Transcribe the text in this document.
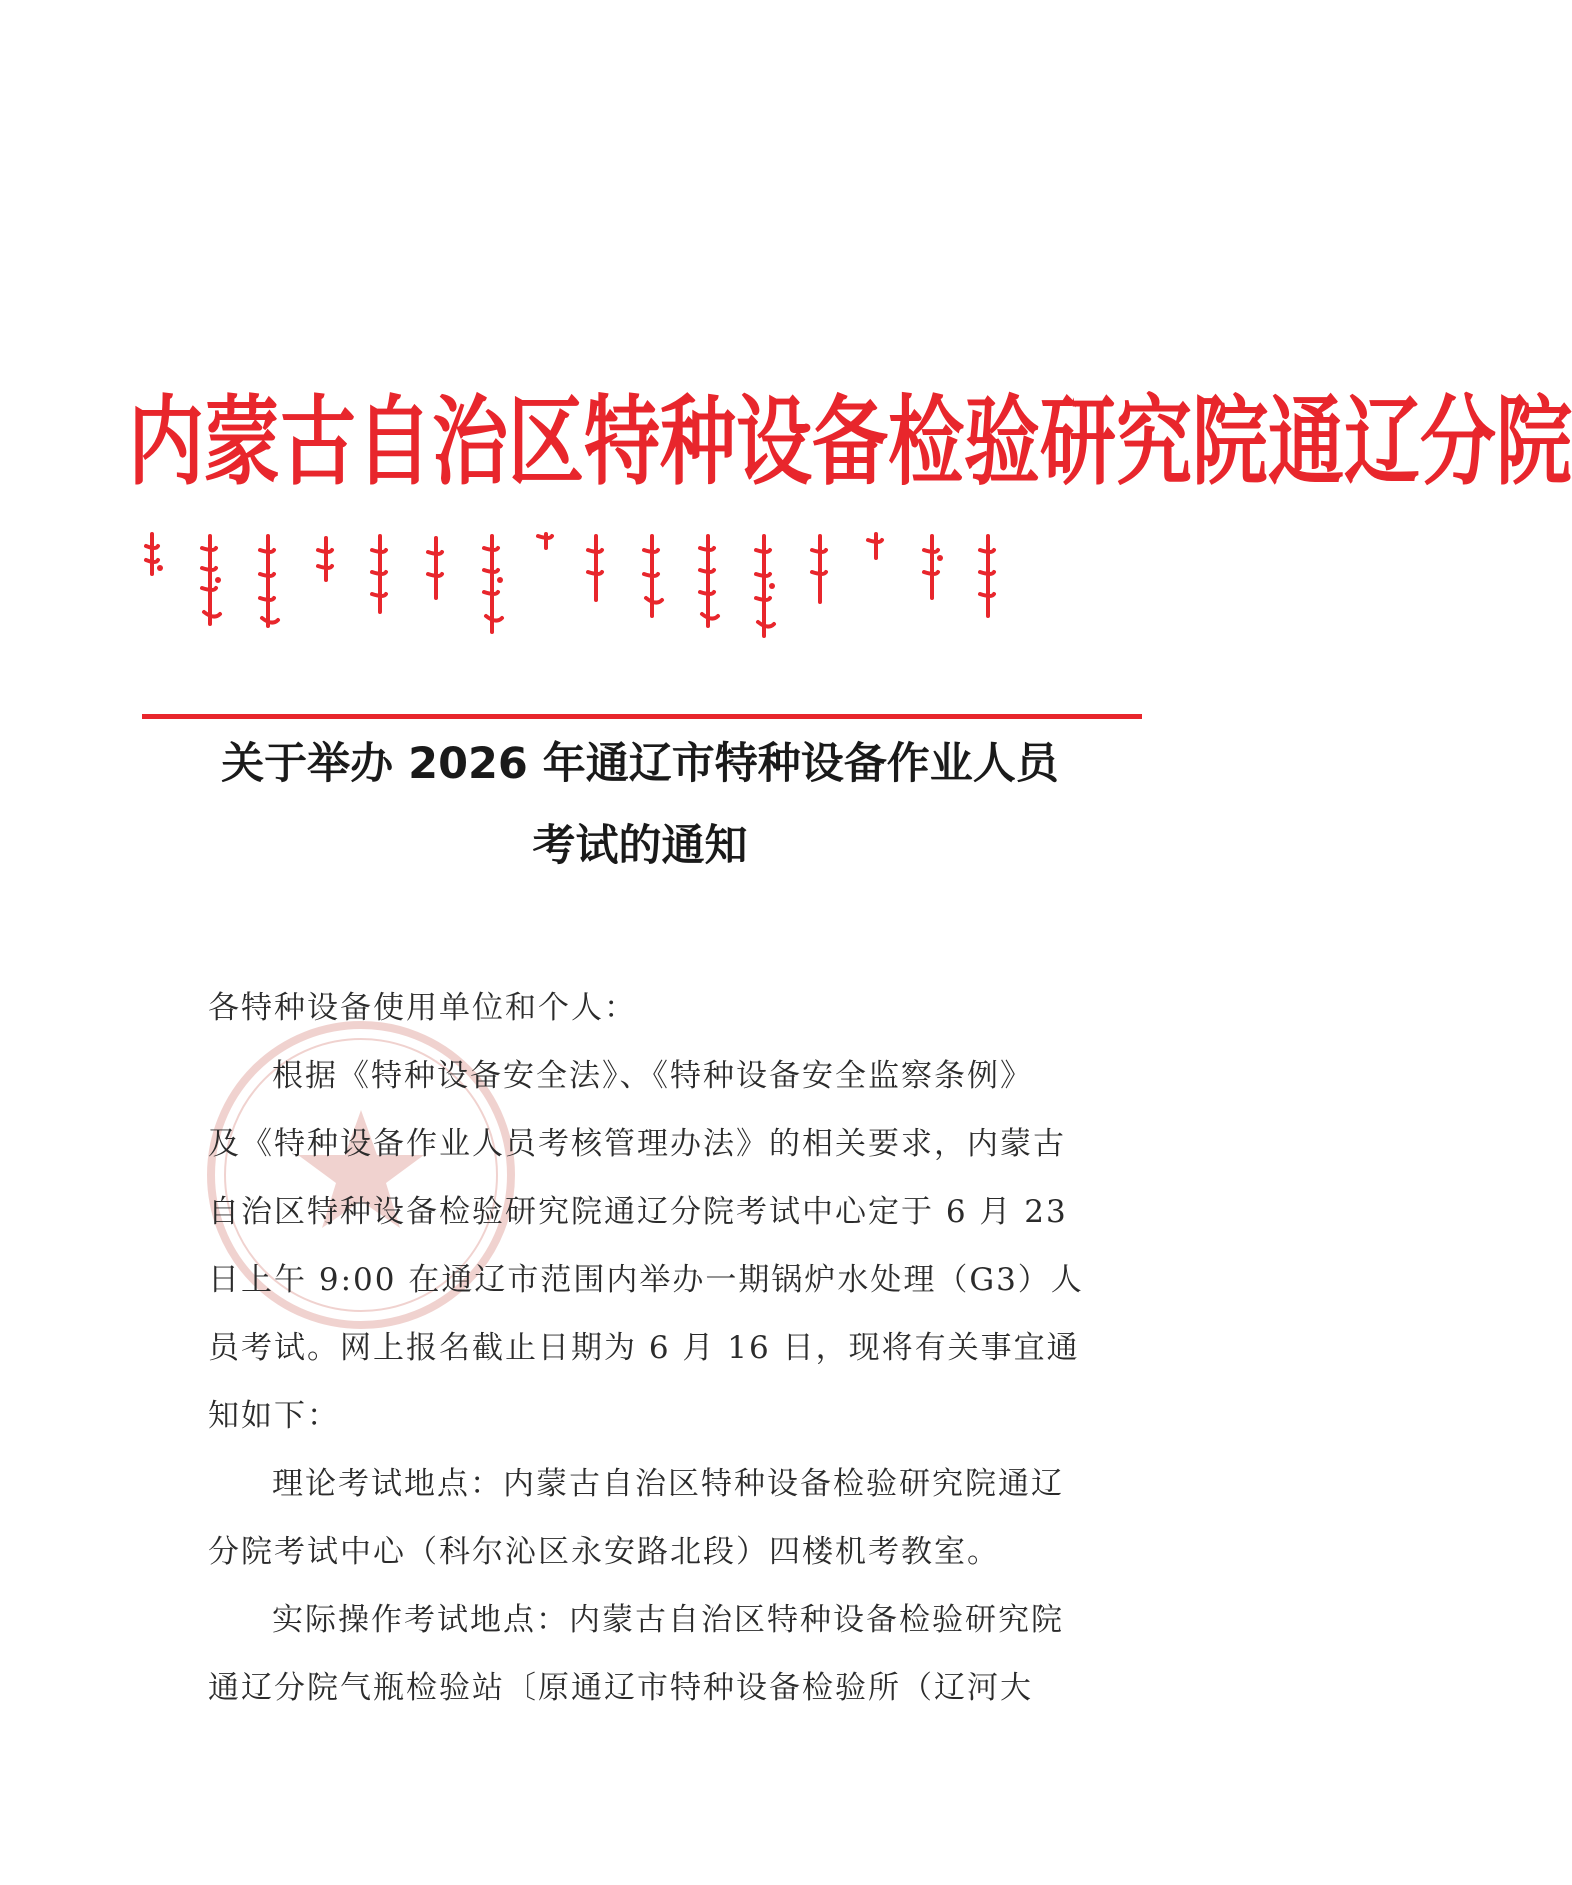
内蒙古自治区特种设备检验研究院通辽分院
关于举办 2026 年通辽市特种设备作业人员
考试的通知
各特种设备使用单位和个人：
根据《特种设备安全法》、《特种设备安全监察条例》
及《特种设备作业人员考核管理办法》的相关要求，内蒙古
自治区特种设备检验研究院通辽分院考试中心定于 6 月 23
日上午 9:00 在通辽市范围内举办一期锅炉水处理（G3）人
员考试。网上报名截止日期为 6 月 16 日，现将有关事宜通
知如下：
理论考试地点：内蒙古自治区特种设备检验研究院通辽
分院考试中心（科尔沁区永安路北段）四楼机考教室。
实际操作考试地点：内蒙古自治区特种设备检验研究院
通辽分院气瓶检验站〔原通辽市特种设备检验所（辽河大
